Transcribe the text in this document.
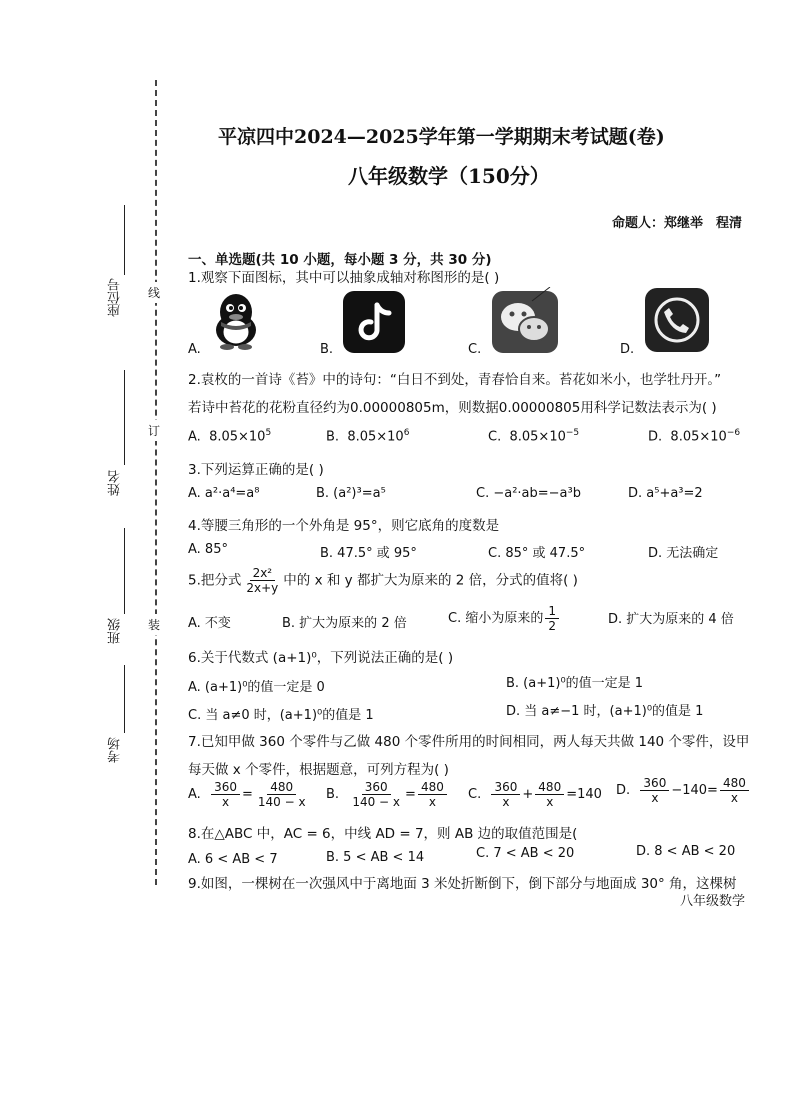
座位号
姓名
班级
考场
线
订
装
平凉四中2024—2025学年第一学期期末考试题(卷)
八年级数学（150分）
命题人：郑继举　程清
一、单选题(共 10 小题，每小题 3 分，共 30 分)
1.观察下面图标，其中可以抽象成轴对称图形的是( )
A.	B.	C.	D.
2.袁枚的一首诗《苔》中的诗句：“白日不到处，青春恰自来。苔花如米小，也学牡丹开。”
若诗中苔花的花粉直径约为0.00000805m，则数据0.00000805用科学记数法表示为( )
A. $8.05\times 10^5$	B. $8.05\times 10^6$	C. $8.05\times 10^{-5}$	D. $8.05\times 10^{-6}$
3.下列运算正确的是( )
A. a²·a⁴=a⁸	B. (a²)³=a⁵	C. −a²·ab=−a³b	D. a⁵+a³=2
4.等腰三角形的一个外角是 95°，则它底角的度数是
A. 85°	B. 47.5° 或 95°	C. 85° 或 47.5°	D. 无法确定
5.把分式 $\frac{\text{2x²}}{2x+y}$ 中的 x 和 y 都扩大为原来的 2 倍，分式的值将( )
A. 不变	B. 扩大为原来的 2 倍	C. 缩小为原来的 $\frac{1}{2}$	D. 扩大为原来的 4 倍
6.关于代数式 (a+1)⁰，下列说法正确的是( )
A. (a+1)⁰的值一定是 0	B. (a+1)⁰的值一定是 1
C. 当 a≠0 时，(a+1)⁰的值是 1	D. 当 a≠−1 时，(a+1)⁰的值是 1
7.已知甲做 360 个零件与乙做 480 个零件所用的时间相同，两人每天共做 140 个零件，设甲
每天做 x 个零件，根据题意，可列方程为( )
A. $\frac{360}{x} = \frac{480}{140 - x} B$. $\frac{360}{140 - x} = \frac{480}{x} C$. $\frac{360}{x} + \frac{480}{x} =140$ D. $\frac{360}{x} -140= \frac{480}{x}$
8.在△ABC 中，AC = 6，中线 AD = 7，则 AB 边的取值范围是(
A. 6 < AB < 7	B. 5 < AB < 14	C. 7 < AB < 20	D. 8 < AB < 20
9.如图，一棵树在一次强风中于离地面 3 米处折断倒下，倒下部分与地面成 30° 角，这棵树
八年级数学
